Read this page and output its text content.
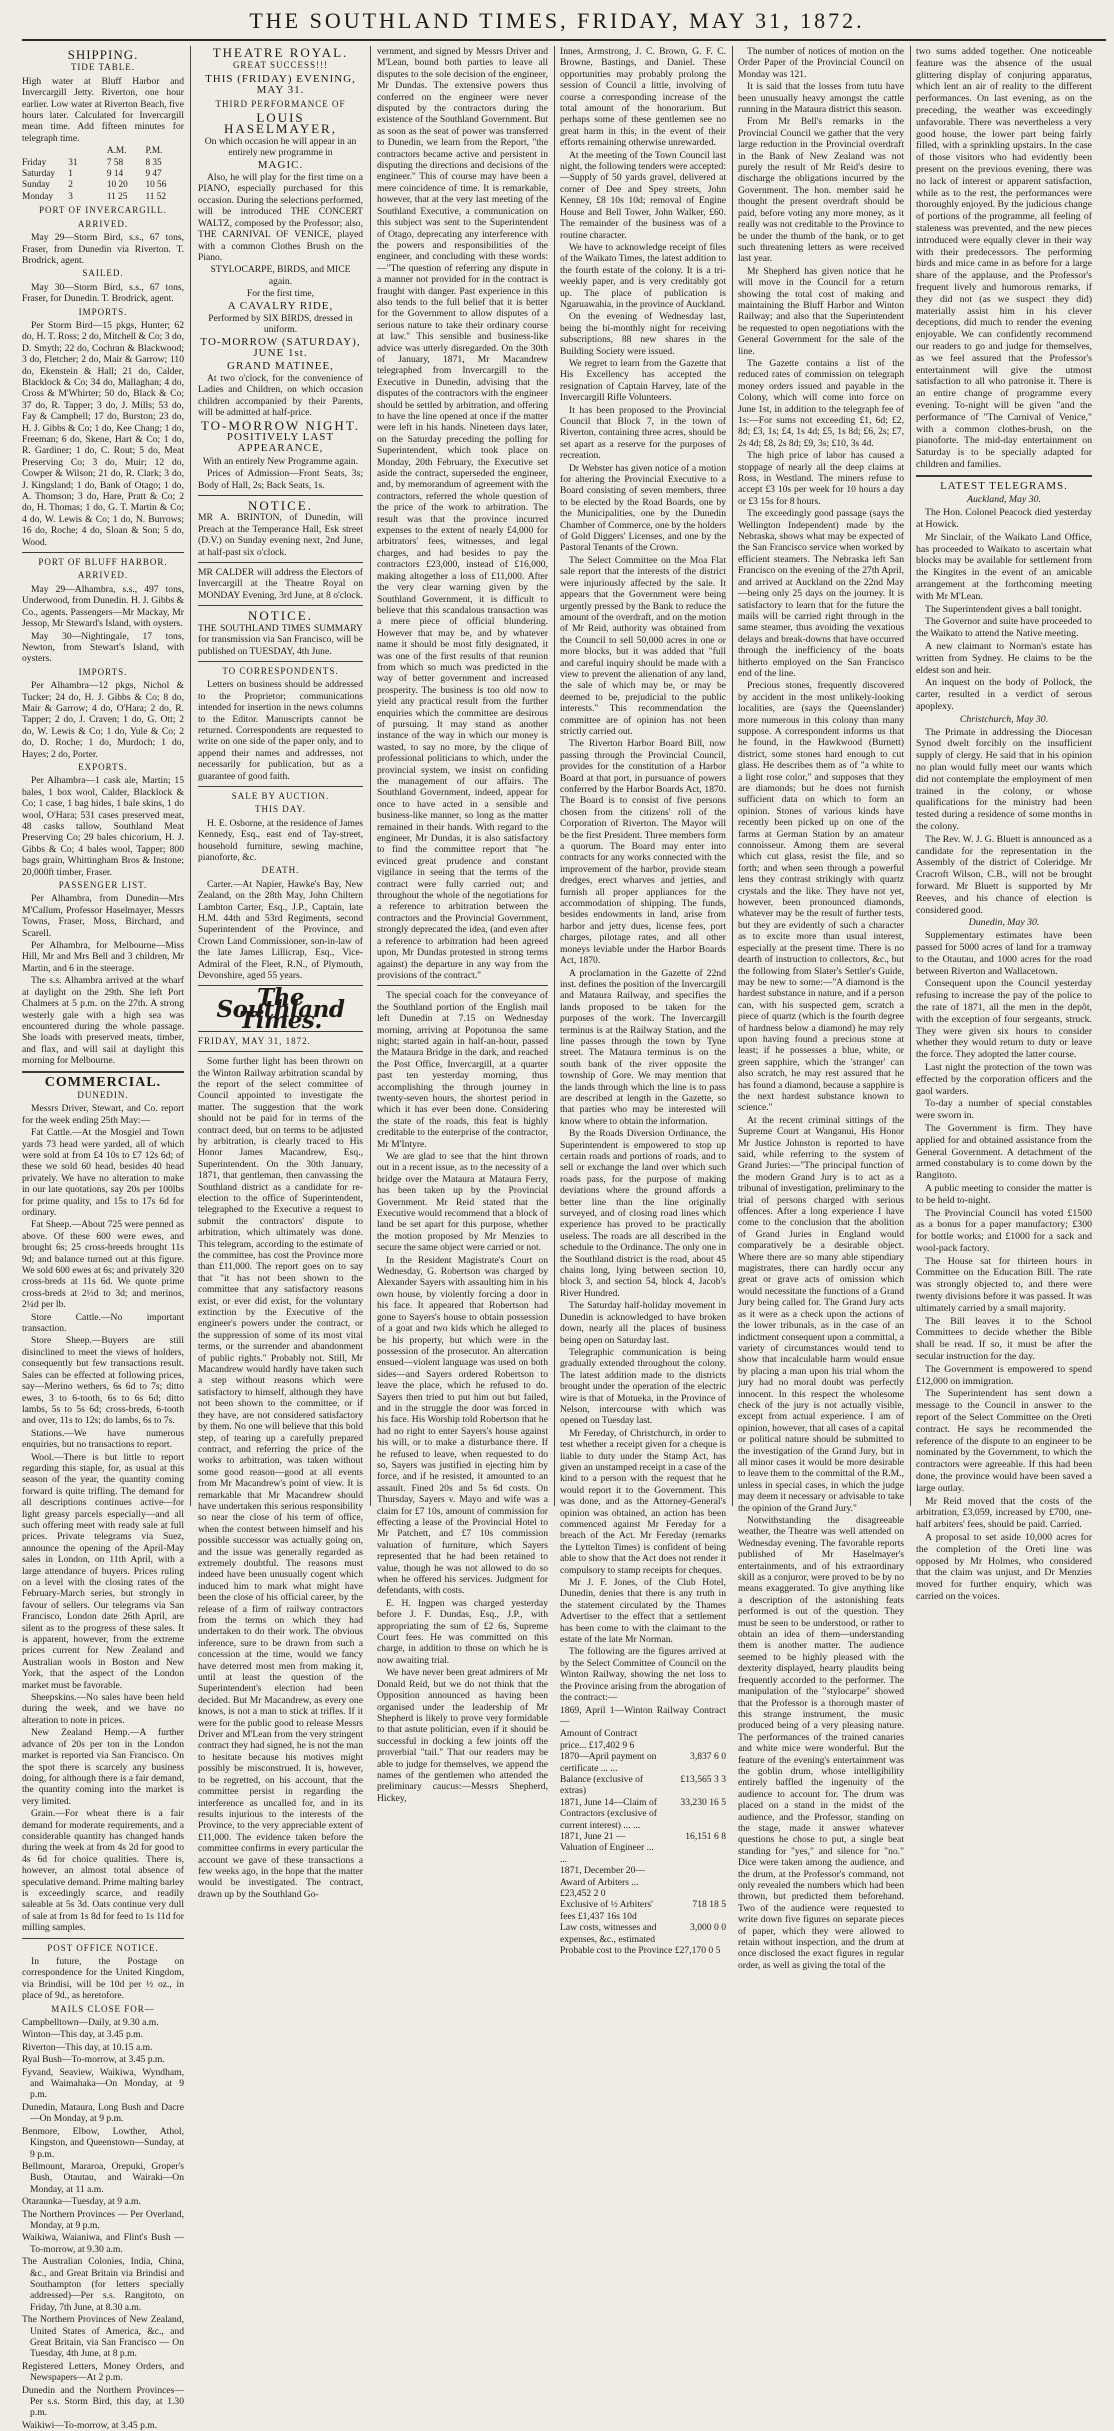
THE SOUTHLAND TIMES, FRIDAY, MAY 31, 1872.
SHIPPING.
TIDE TABLE.

High water at Bluff Harbor and Invercargill Jetty. Riverton, one hour earlier. Low water at Riverton Beach, five hours later. Calculated for Invercargill mean time. Add fifteen minutes for telegraph time.

A.M.	P.M.
Friday	31	7 58	8 35
Saturday	1	9 14	9 47
Sunday	2	10 20	10 56
Monday	3	11 25	11 52
PORT OF INVERCARGILL.
ARRIVED.

May 29—Storm Bird, s.s., 67 tons, Fraser, from Dunedin via Riverton. T. Brodrick, agent.

SAILED.

May 30—Storm Bird, s.s., 67 tons, Fraser, for Dunedin. T. Brodrick, agent.

IMPORTS.

Per Storm Bird—15 pkgs, Hunter; 62 do, H. T. Ross; 2 do, Mitchell & Co; 3 do, D. Smyth; 22 do, Cochran & Blackwood; 3 do, Fletcher; 2 do, Mair & Garrow; 110 do, Ekenstein & Hall; 21 do, Calder, Blacklock & Co; 34 do, Mallaghan; 4 do, Cross & M'Whirter; 50 do, Black & Co; 37 do, R. Tapper; 3 do, J. Mills; 53 do, Fay & Campbell; 17 do, Burston; 23 do, H. J. Gibbs & Co; 1 do, Kee Chang; 1 do, Freeman; 6 do, Skene, Hart & Co; 1 do, R. Gardiner; 1 do, C. Rout; 5 do, Meat Preserving Co; 3 do, Muir; 12 do, Cowper & Wilson; 21 do, R. Clark; 3 do, J. Kingsland; 1 do, Bank of Otago; 1 do, A. Thomson; 3 do, Hare, Pratt & Co; 2 do, H. Thomas; 1 do, G. T. Martin & Co; 4 do, W. Lewis & Co; 1 do, N. Burrows; 16 do, Roche; 4 do, Sloan & Son; 5 do, Wood.

PORT OF BLUFF HARBOR.
ARRIVED.

May 29—Alhambra, s.s., 497 tons, Underwood, from Dunedin. H. J. Gibbs & Co., agents. Passengers—Mr Mackay, Mr Jessop, Mr Steward's Island, with oysters.

May 30—Nightingale, 17 tons, Newton, from Stewart's Island, with oysters.

IMPORTS.

Per Alhambra—12 pkgs, Nichol & Tucker; 24 do, H. J. Gibbs & Co; 8 do, Mair & Garrow; 4 do, O'Hara; 2 do, R. Tapper; 2 do, J. Craven; 1 do, G. Ott; 2 do, W. Lewis & Co; 1 do, Yule & Co; 2 do, D. Roche; 1 do, Murdoch; 1 do, Hayes; 2 do, Porter.

EXPORTS.

Per Alhambra—1 cask ale, Martin; 15 bales, 1 box wool, Calder, Blacklock & Co; 1 case, 1 bag hides, 1 bale skins, 1 do wool, O'Hara; 531 cases preserved meat, 48 casks tallow, Southland Meat Preserving Co; 29 bales chicorium, H. J. Gibbs & Co; 4 bales wool, Tapper; 800 bags grain, Whittingham Bros & Instone; 20,000ft timber, Fraser.

PASSENGER LIST.

Per Alhambra, from Dunedin—Mrs M'Callum, Professor Haselmayer, Messrs Towns, Fraser, Moss, Birchard, and Scarell.

Per Alhambra, for Melbourne—Miss Hill, Mr and Mrs Bell and 3 children, Mr Martin, and 6 in the steerage.

The s.s. Alhambra arrived at the wharf at daylight on the 29th. She left Port Chalmers at 5 p.m. on the 27th. A strong westerly gale with a high sea was encountered during the whole passage. She loads with preserved meats, timber, and flax, and will sail at daylight this morning for Melbourne.

COMMERCIAL.
DUNEDIN.

Messrs Driver, Stewart, and Co. report for the week ending 25th May:—

Fat Cattle.—At the Mosgiel and Town yards 73 head were yarded, all of which were sold at from £4 10s to £7 12s 6d; of these we sold 60 head, besides 40 head privately. We have no alteration to make in our late quotations, say 20s per 100lbs for prime quality, and 15s to 17s 6d for ordinary.

Fat Sheep.—About 725 were penned as above. Of these 600 were ewes, and brought 6s; 25 cross-breeds brought 11s 9d; and balance turned out at this figure. We sold 600 ewes at 6s; and privately 320 cross-breds at 11s 6d. We quote prime cross-breds at 2½d to 3d; and merinos, 2¼d per lb.

Store Cattle.—No important transaction.

Store Sheep.—Buyers are still disinclined to meet the views of holders, consequently but few transactions result. Sales can be effected at following prices, say—Merino wethers, 6s 6d to 7s; ditto ewes, 3 to 6-tooth, 6s to 6s 6d; ditto lambs, 5s to 5s 6d; cross-breds, 6-tooth and over, 11s to 12s; do lambs, 6s to 7s.

Stations.—We have numerous enquiries, but no transactions to report.

Wool.—There is but little to report regarding this staple, for, as usual at this season of the year, the quantity coming forward is quite trifling. The demand for all descriptions continues active—for light greasy parcels especially—and all such offering meet with ready sale at full prices. Private telegrams via Suez, announce the opening of the April-May sales in London, on 11th April, with a large attendance of buyers. Prices ruling on a level with the closing rates of the February-March series, but strongly in favour of sellers. Our telegrams via San Francisco, London date 26th April, are silent as to the progress of these sales. It is apparent, however, from the extreme prices current for New Zealand and Australian wools in Boston and New York, that the aspect of the London market must be favorable.

Sheepskins.—No sales have been held during the week, and we have no alteration to note in prices.

New Zealand Hemp.—A further advance of 20s per ton in the London market is reported via San Francisco. On the spot there is scarcely any business doing, for although there is a fair demand, the quantity coming into the market is very limited.

Grain.—For wheat there is a fair demand for moderate requirements, and a considerable quantity has changed hands during the week at from 4s 2d for good to 4s 6d for choice qualities. There is, however, an almost total absence of speculative demand. Prime malting barley is exceedingly scarce, and readily saleable at 5s 3d. Oats continue very dull of sale at from 1s 8d for feed to 1s 11d for milling samples.

POST OFFICE NOTICE.

In future, the Postage on correspondence for the United Kingdom, via Brindisi, will be 10d per ½ oz., in place of 9d., as heretofore.

MAILS CLOSE FOR—

Campbelltown—Daily, at 9.30 a.m.

Winton—This day, at 3.45 p.m.

Riverton—This day, at 10.15 a.m.

Ryal Bush—To-morrow, at 3.45 p.m.

Fyvand, Seaview, Waikiwa, Wyndham, and Waimahaka—On Monday, at 9 p.m.

Dunedin, Mataura, Long Bush and Dacre—On Monday, at 9 p.m.

Benmore, Elbow, Lowther, Athol, Kingston, and Queenstown—Sunday, at 9 p.m.

Bellmount, Mararoa, Orepuki, Groper's Bush, Otautau, and Wairaki—On Monday, at 11 a.m.

Otaraunka—Tuesday, at 9 a.m.

The Northern Provinces — Per Overland, Monday, at 9 p.m.

Waikiwa, Waianiwa, and Flint's Bush — To-morrow, at 9.30 a.m.

The Australian Colonies, India, China, &c., and Great Britain via Brindisi and Southampton (for letters specially addressed)—Per s.s. Rangitoto, on Friday, 7th June, at 8.30 a.m.

The Northern Provinces of New Zealand, United States of America, &c., and Great Britain, via San Francisco — On Tuesday, 4th June, at 8 p.m.

Registered Letters, Money Orders, and Newspapers—At 2 p.m.

Dunedin and the Northern Provinces—Per s.s. Storm Bird, this day, at 1.30 p.m.

Waikiwi—To-morrow, at 3.45 p.m.

THEATRE ROYAL.
GREAT SUCCESS!!!
THIS (FRIDAY) EVENING, MAY 31.
THIRD PERFORMANCE OF
LOUIS HASELMAYER,

On which occasion he will appear in an entirely new programme in

MAGIC.

Also, he will play for the first time on a PIANO, especially purchased for this occasion. During the selections performed, will be introduced THE CONCERT WALTZ, composed by the Professor; also, THE CARNIVAL OF VENICE, played with a common Clothes Brush on the Piano.

STYLOCARPE, BIRDS, and MICE again.

For the first time,

A CAVALRY RIDE,

Performed by SIX BIRDS, dressed in uniform.

TO-MORROW (SATURDAY), JUNE 1st.
GRAND MATINEE,

At two o'clock, for the convenience of Ladies and Children, on which occasion children accompanied by their Parents, will be admitted at half-price.

TO-MORROW NIGHT.
POSITIVELY LAST APPEARANCE,

With an entirely New Programme again.

Prices of Admission—Front Seats, 3s; Body of Hall, 2s; Back Seats, 1s.

NOTICE.

MR A. BRINTON, of Dunedin, will Preach at the Temperance Hall, Esk street (D.V.) on Sunday evening next, 2nd June, at half-past six o'clock.

MR CALDER will address the Electors of Invercargill at the Theatre Royal on MONDAY Evening, 3rd June, at 8 o'clock.

NOTICE.

THE SOUTHLAND TIMES SUMMARY for transmission via San Francisco, will be published on TUESDAY, 4th June.

TO CORRESPONDENTS.

Letters on business should be addressed to the Proprietor; communications intended for insertion in the news columns to the Editor. Manuscripts cannot be returned. Correspondents are requested to write on one side of the paper only, and to append their names and addresses, not necessarily for publication, but as a guarantee of good faith.

SALE BY AUCTION.
THIS DAY.

H. E. Osborne, at the residence of James Kennedy, Esq., east end of Tay-street, household furniture, sewing machine, pianoforte, &c.

DEATH.

Carter.—At Napier, Hawke's Bay, New Zealand, on the 28th May, John Chiltern Lambton Carter, Esq., J.P., Captain, late H.M. 44th and 53rd Regiments, second Superintendent of the Province, and Crown Land Commissioner, son-in-law of the late James Lillicrap, Esq., Vice-Admiral of the Fleet, R.N., of Plymouth, Devonshire, aged 55 years.

The Southland Times.
FRIDAY, MAY 31, 1872.

Some further light has been thrown on the Winton Railway arbitration scandal by the report of the select committee of Council appointed to investigate the matter. The suggestion that the work should not be paid for in terms of the contract deed, but on terms to be adjusted by arbitration, is clearly traced to His Honor James Macandrew, Esq., Superintendent. On the 30th January, 1871, that gentleman, then canvassing the Southland district as a candidate for re-election to the office of Superintendent, telegraphed to the Executive a request to submit the contractors' dispute to arbitration, which ultimately was done. This telegram, according to the estimate of the committee, has cost the Province more than £11,000. The report goes on to say that "it has not been shown to the committee that any satisfactory reasons exist, or ever did exist, for the voluntary extinction by the Executive of the engineer's powers under the contract, or the suppression of some of its most vital terms, or the surrender and abandonment of public rights." Probably not. Still, Mr Macandrew would hardly have taken such a step without reasons which were satisfactory to himself, although they have not been shown to the committee, or if they have, are not considered satisfactory by them. No one will believe that this bold step, of tearing up a carefully prepared contract, and referring the price of the works to arbitration, was taken without some good reason—good at all events from Mr Macandrew's point of view. It is remarkable that Mr Macandrew should have undertaken this serious responsibility so near the close of his term of office, when the contest between himself and his possible successor was actually going on, and the issue was generally regarded as extremely doubtful. The reasons must indeed have been unusually cogent which induced him to mark what might have been the close of his official career, by the release of a firm of railway contractors from the terms on which they had undertaken to do their work. The obvious inference, sure to be drawn from such a concession at the time, would we fancy have deterred most men from making it, until at least the question of the Superintendent's election had been decided. But Mr Macandrew, as every one knows, is not a man to stick at trifles. If it were for the public good to release Messrs Driver and M'Lean from the very stringent contract they had signed, he is not the man to hesitate because his motives might possibly be misconstrued. It is, however, to be regretted, on his account, that the committee persist in regarding the interference as uncalled for, and in its results injurious to the interests of the Province, to the very appreciable extent of £11,000. The evidence taken before the committee confirms in every particular the account we gave of these transactions a few weeks ago, in the hope that the matter would be investigated. The contract, drawn up by the Southland Go-

vernment, and signed by Messrs Driver and M'Lean, bound both parties to leave all disputes to the sole decision of the engineer, Mr Dundas. The extensive powers thus conferred on the engineer were never disputed by the contractors during the existence of the Southland Government. But as soon as the seat of power was transferred to Dunedin, we learn from the Report, "the contractors became active and persistent in disputing the directions and decisions of the engineer." This of course may have been a mere coincidence of time. It is remarkable, however, that at the very last meeting of the Southland Executive, a communication on this subject was sent to the Superintendent of Otago, deprecating any interference with the powers and responsibilities of the engineer, and concluding with these words:—"The question of referring any dispute in a manner not provided for in the contract is fraught with danger. Past experience in this also tends to the full belief that it is better for the Government to allow disputes of a serious nature to take their ordinary course at law." This sensible and business-like advice was utterly disregarded. On the 30th of January, 1871, Mr Macandrew telegraphed from Invercargill to the Executive in Dunedin, advising that the disputes of the contractors with the engineer should be settled by arbitration, and offering to have the line opened at once if the matter were left in his hands. Nineteen days later, on the Saturday preceding the polling for Superintendent, which took place on Monday, 20th February, the Executive set aside the contract, superseded the engineer, and, by memorandum of agreement with the contractors, referred the whole question of the price of the work to arbitration. The result was that the province incurred expenses to the extent of nearly £4,000 for arbitrators' fees, witnesses, and legal charges, and had besides to pay the contractors £23,000, instead of £16,000, making altogether a loss of £11,000. After the very clear warning given by the Southland Government, it is difficult to believe that this scandalous transaction was a mere piece of official blundering. However that may be, and by whatever name it should be most fitly designated, it was one of the first results of that reunion from which so much was predicted in the way of better government and increased prosperity. The business is too old now to yield any practical result from the further enquiries which the committee are desirous of pursuing. It may stand as another instance of the way in which our money is wasted, to say no more, by the clique of professional politicians to which, under the provincial system, we insist on confiding the management of our affairs. The Southland Government, indeed, appear for once to have acted in a sensible and business-like manner, so long as the matter remained in their hands. With regard to the engineer, Mr Dundas, it is also satisfactory to find the committee report that "he evinced great prudence and constant vigilance in seeing that the terms of the contract were fully carried out; and throughout the whole of the negotiations for a reference to arbitration between the contractors and the Provincial Government, strongly deprecated the idea, (and even after a reference to arbitration had been agreed upon, Mr Dundas protested in strong terms against) the departure in any way from the provisions of the contract."

The special coach for the conveyance of the Southland portion of the English mail left Dunedin at 7.15 on Wednesday morning, arriving at Popotunoa the same night; started again in half-an-hour, passed the Mataura Bridge in the dark, and reached the Post Office, Invercargill, at a quarter past ten yesterday morning, thus accomplishing the through journey in twenty-seven hours, the shortest period in which it has ever been done. Considering the state of the roads, this feat is highly creditable to the enterprise of the contractor, Mr M'Intyre.

We are glad to see that the hint thrown out in a recent issue, as to the necessity of a bridge over the Mataura at Mataura Ferry, has been taken up by the Provincial Government. Mr Reid stated that the Executive would recommend that a block of land be set apart for this purpose, whether the motion proposed by Mr Menzies to secure the same object were carried or not.

In the Resident Magistrate's Court on Wednesday, G. Robertson was charged by Alexander Sayers with assaulting him in his own house, by violently forcing a door in his face. It appeared that Robertson had gone to Sayers's house to obtain possession of a goat and two kids which he alleged to be his property, but which were in the possession of the prosecutor. An altercation ensued—violent language was used on both sides—and Sayers ordered Robertson to leave the place, which he refused to do. Sayers then tried to put him out but failed, and in the struggle the door was forced in his face. His Worship told Robertson that he had no right to enter Sayers's house against his will, or to make a disturbance there. If he refused to leave, when requested to do so, Sayers was justified in ejecting him by force, and if he resisted, it amounted to an assault. Fined 20s and 5s 6d costs. On Thursday, Sayers v. Mayo and wife was a claim for £7 10s, amount of commission for effecting a lease of the Provincial Hotel to Mr Patchett, and £7 10s commission valuation of furniture, which Sayers represented that he had been retained to value, though he was not allowed to do so when he offered his services. Judgment for defendants, with costs.

E. H. Ingpen was charged yesterday before J. F. Dundas, Esq., J.P., with appropriating the sum of £2 6s, Supreme Court fees. He was committed on this charge, in addition to those on which he is now awaiting trial.

We have never been great admirers of Mr Donald Reid, but we do not think that the Opposition announced as having been organised under the leadership of Mr Shepherd is likely to prove very formidable to that astute politician, even if it should be successful in docking a few joints off the proverbial "tail." That our readers may be able to judge for themselves, we append the names of the gentlemen who attended the preliminary caucus:—Messrs Shepherd, Hickey,

Innes, Armstrong, J. C. Brown, G. F. C. Browne, Bastings, and Daniel. These opportunities may probably prolong the session of Council a little, involving of course a corresponding increase of the total amount of the honorarium. But perhaps some of these gentlemen see no great harm in this, in the event of their efforts remaining otherwise unrewarded.

At the meeting of the Town Council last night, the following tenders were accepted:—Supply of 50 yards gravel, delivered at corner of Dee and Spey streets, John Kenney, £8 10s 10d; removal of Engine House and Bell Tower, John Walker, £60. The remainder of the business was of a routine character.

We have to acknowledge receipt of files of the Waikato Times, the latest addition to the fourth estate of the colony. It is a tri-weekly paper, and is very creditably got up. The place of publication is Ngaruawahia, in the province of Auckland.

On the evening of Wednesday last, being the bi-monthly night for receiving subscriptions, 88 new shares in the Building Society were issued.

We regret to learn from the Gazette that His Excellency has accepted the resignation of Captain Harvey, late of the Invercargill Rifle Volunteers.

It has been proposed to the Provincial Council that Block 7, in the town of Riverton, containing three acres, should be set apart as a reserve for the purposes of recreation.

Dr Webster has given notice of a motion for altering the Provincial Executive to a Board consisting of seven members, three to be elected by the Road Boards, one by the Municipalities, one by the Dunedin Chamber of Commerce, one by the holders of Gold Diggers' Licenses, and one by the Pastoral Tenants of the Crown.

The Select Committee on the Moa Flat sale report that the interests of the district were injuriously affected by the sale. It appears that the Government were being urgently pressed by the Bank to reduce the amount of the overdraft, and on the motion of Mr Reid, authority was obtained from the Council to sell 50,000 acres in one or more blocks, but it was added that "full and careful inquiry should be made with a view to prevent the alienation of any land, the sale of which may be, or may be deemed to be, prejudicial to the public interests." This recommendation the committee are of opinion has not been strictly carried out.

The Riverton Harbor Board Bill, now passing through the Provincial Council, provides for the constitution of a Harbor Board at that port, in pursuance of powers conferred by the Harbor Boards Act, 1870. The Board is to consist of five persons chosen from the citizens' roll of the Corporation of Riverton. The Mayor will be the first President. Three members form a quorum. The Board may enter into contracts for any works connected with the improvement of the harbor, provide steam dredges, erect wharves and jetties, and furnish all proper appliances for the accommodation of shipping. The funds, besides endowments in land, arise from harbor and jetty dues, license fees, port charges, pilotage rates, and all other moneys leviable under the Harbor Boards Act, 1870.

A proclamation in the Gazette of 22nd inst. defines the position of the Invercargill and Mataura Railway, and specifies the lands proposed to be taken for the purposes of the work. The Invercargill terminus is at the Railway Station, and the line passes through the town by Tyne street. The Mataura terminus is on the south bank of the river opposite the township of Gore. We may mention that the lands through which the line is to pass are described at length in the Gazette, so that parties who may be interested will know where to obtain the information.

By the Roads Diversion Ordinance, the Superintendent is empowered to stop up certain roads and portions of roads, and to sell or exchange the land over which such roads pass, for the purpose of making deviations where the ground affords a better line than the line originally surveyed, and of closing road lines which experience has proved to be practically useless. The roads are all described in the schedule to the Ordinance. The only one in the Southland district is the road, about 45 chains long, lying between section 10, block 3, and section 54, block 4, Jacob's River Hundred.

The Saturday half-holiday movement in Dunedin is acknowledged to have broken down, nearly all the places of business being open on Saturday last.

Telegraphic communication is being gradually extended throughout the colony. The latest addition made to the districts brought under the operation of the electric wire is that of Motueka, in the Province of Nelson, intercourse with which was opened on Tuesday last.

Mr Fereday, of Christchurch, in order to test whether a receipt given for a cheque is liable to duty under the Stamp Act, has given an unstamped receipt in a case of the kind to a person with the request that he would report it to the Government. This was done, and as the Attorney-General's opinion was obtained, an action has been commenced against Mr Fereday for a breach of the Act. Mr Fereday (remarks the Lyttelton Times) is confident of being able to show that the Act does not render it compulsory to stamp receipts for cheques.

Mr J. F. Jones, of the Club Hotel, Dunedin, denies that there is any truth in the statement circulated by the Thames Advertiser to the effect that a settlement has been come to with the claimant to the estate of the late Mr Norman.

The following are the figures arrived at by the Select Committee of Council on the Winton Railway, showing the net loss to the Province arising from the abrogation of the contract:—

1869, April 1—Winton Railway Contract—

Amount of Contract price... £17,402 9 6
1870—April payment on certificate ... ...
3,837 6 0
Balance (exclusive of extras)
£13,565 3 3
1871, June 14—Claim of Contractors (exclusive of current interest) ... ...
33,230 16 5
1871, June 21 — Valuation of Engineer ... ...
16,151 6 8
1871, December 20—Award of Arbiters ... £23,452 2 0
Exclusive of ½ Arbiters' fees £1,437 16s 10d
718 18 5
Law costs, witnesses and expenses, &c., estimated
3,000 0 0

Probable cost to the Province £27,170 0 5

The number of notices of motion on the Order Paper of the Provincial Council on Monday was 121.

It is said that the losses from tutu have been unusually heavy amongst the cattle running in the Mataura district this season.

From Mr Bell's remarks in the Provincial Council we gather that the very large reduction in the Provincial overdraft in the Bank of New Zealand was not purely the result of Mr Reid's desire to discharge the obligations incurred by the Government. The hon. member said he thought the present overdraft should be paid, before voting any more money, as it really was not creditable to the Province to be under the thumb of the bank, or to get such threatening letters as were received last year.

Mr Shepherd has given notice that he will move in the Council for a return showing the total cost of making and maintaining the Bluff Harbor and Winton Railway; and also that the Superintendent be requested to open negotiations with the General Government for the sale of the line.

The Gazette contains a list of the reduced rates of commission on telegraph money orders issued and payable in the Colony, which will come into force on June 1st, in addition to the telegraph fee of 1s:—For sums not exceeding £1, 6d; £2, 8d; £3, 1s; £4, 1s 4d; £5, 1s 8d; £6, 2s; £7, 2s 4d; £8, 2s 8d; £9, 3s; £10, 3s 4d.

The high price of labor has caused a stoppage of nearly all the deep claims at Ross, in Westland. The miners refuse to accept £3 10s per week for 10 hours a day or £3 15s for 8 hours.

The exceedingly good passage (says the Wellington Independent) made by the Nebraska, shows what may be expected of the San Francisco service when worked by efficient steamers. The Nebraska left San Francisco on the evening of the 27th April, and arrived at Auckland on the 22nd May—being only 25 days on the journey. It is satisfactory to learn that for the future the mails will be carried right through in the same steamer, thus avoiding the vexatious delays and break-downs that have occurred through the inefficiency of the boats hitherto employed on the San Francisco end of the line.

Precious stones, frequently discovered by accident in the most unlikely-looking localities, are (says the Queenslander) more numerous in this colony than many suppose. A correspondent informs us that he found, in the Hawkwood (Burnett) district, some stones hard enough to cut glass. He describes them as of "a white to a light rose color," and supposes that they are diamonds; but he does not furnish sufficient data on which to form an opinion. Stones of various kinds have recently been picked up on one of the farms at German Station by an amateur connoisseur. Among them are several which cut glass, resist the file, and so forth; and when seen through a powerful lens they contrast strikingly with quartz crystals and the like. They have not yet, however, been pronounced diamonds, whatever may be the result of further tests, but they are evidently of such a character as to excite more than usual interest, especially at the present time. There is no dearth of instruction to collectors, &c., but the following from Slater's Settler's Guide, may be new to some:—"A diamond is the hardest substance in nature, and if a person can, with his suspected gem, scratch a piece of quartz (which is the fourth degree of hardness below a diamond) he may rely upon having found a precious stone at least; if he possesses a blue, white, or green sapphire, which the 'stranger' can also scratch, he may rest assured that he has found a diamond, because a sapphire is the next hardest substance known to science."

At the recent criminal sittings of the Supreme Court at Wanganui, His Honor Mr Justice Johnston is reported to have said, while referring to the system of Grand Juries:—"The principal function of the modern Grand Jury is to act as a tribunal of investigation, preliminary to the trial of persons charged with serious offences. After a long experience I have come to the conclusion that the abolition of Grand Juries in England would comparatively be a desirable object. Where there are so many able stipendiary magistrates, there can hardly occur any great or grave acts of omission which would necessitate the functions of a Grand Jury being called for. The Grand Jury acts as it were as a check upon the actions of the lower tribunals, as in the case of an indictment consequent upon a committal, a variety of circumstances would tend to show that incalculable harm would ensue by placing a man upon his trial whom the jury had no moral doubt was perfectly innocent. In this respect the wholesome check of the jury is not actually visible, except from actual experience. I am of opinion, however, that all cases of a capital or political nature should be submitted to the investigation of the Grand Jury, but in all minor cases it would be more desirable to leave them to the committal of the R.M., unless in special cases, in which the judge may deem it necessary or advisable to take the opinion of the Grand Jury."

Notwithstanding the disagreeable weather, the Theatre was well attended on Wednesday evening. The favorable reports published of Mr Haselmayer's entertainments, and of his extraordinary skill as a conjuror, were proved to be by no means exaggerated. To give anything like a description of the astonishing feats performed is out of the question. They must be seen to be understood, or rather to obtain an idea of them—understanding them is another matter. The audience seemed to be highly pleased with the dexterity displayed, hearty plaudits being frequently accorded to the performer. The manipulation of the "stylocarpe" showed that the Professor is a thorough master of this strange instrument, the music produced being of a very pleasing nature. The performances of the trained canaries and white mice were wonderful. But the feature of the evening's entertainment was the goblin drum, whose intelligibility entirely baffled the ingenuity of the audience to account for. The drum was placed on a stand in the midst of the audience, and the Professor, standing on the stage, made it answer whatever questions he chose to put, a single beat standing for "yes," and silence for "no." Dice were taken among the audience, and the drum, at the Professor's command, not only revealed the numbers which had been thrown, but predicted them beforehand. Two of the audience were requested to write down five figures on separate pieces of paper, which they were allowed to retain without inspection, and the drum at once disclosed the exact figures in regular order, as well as giving the total of the

two sums added together. One noticeable feature was the absence of the usual glittering display of conjuring apparatus, which lent an air of reality to the different performances. On last evening, as on the preceding, the weather was exceedingly unfavorable. There was nevertheless a very good house, the lower part being fairly filled, with a sprinkling upstairs. In the case of those visitors who had evidently been present on the previous evening, there was no lack of interest or apparent satisfaction, while as to the rest, the performances were thoroughly enjoyed. By the judicious change of portions of the programme, all feeling of staleness was prevented, and the new pieces introduced were equally clever in their way with their predecessors. The performing birds and mice came in as before for a large share of the applause, and the Professor's frequent lively and humorous remarks, if they did not (as we suspect they did) materially assist him in his clever deceptions, did much to render the evening enjoyable. We can confidently recommend our readers to go and judge for themselves, as we feel assured that the Professor's entertainment will give the utmost satisfaction to all who patronise it. There is an entire change of programme every evening. To-night will be given "and the performance of "The Carnival of Venice," with a common clothes-brush, on the pianoforte. The mid-day entertainment on Saturday is to be specially adapted for children and families.

LATEST TELEGRAMS.

Auckland, May 30.

The Hon. Colonel Peacock died yesterday at Howick.

Mr Sinclair, of the Waikato Land Office, has proceeded to Waikato to ascertain what blocks may be available for settlement from the Kingites in the event of an amicable arrangement at the forthcoming meeting with Mr M'Lean.

The Superintendent gives a ball tonight.

The Governor and suite have proceeded to the Waikato to attend the Native meeting.

A new claimant to Norman's estate has written from Sydney. He claims to be the eldest son and heir.

An inquest on the body of Pollock, the carter, resulted in a verdict of serous apoplexy.

Christchurch, May 30.

The Primate in addressing the Diocesan Synod dwelt forcibly on the insufficient supply of clergy. He said that in his opinion no plan would fully meet our wants which did not contemplate the employment of men trained in the colony, or whose qualifications for the ministry had been tested during a residence of some months in the colony.

The Rev. W. J. G. Bluett is announced as a candidate for the representation in the Assembly of the district of Coleridge. Mr Cracroft Wilson, C.B., will not be brought forward. Mr Bluett is supported by Mr Reeves, and his chance of election is considered good.

Dunedin, May 30.

Supplementary estimates have been passed for 5000 acres of land for a tramway to the Otautau, and 1000 acres for the road between Riverton and Wallacetown.

Consequent upon the Council yesterday refusing to increase the pay of the police to the rate of 1871, all the men in the depôt, with the exception of four sergeants, struck. They were given six hours to consider whether they would return to duty or leave the force. They adopted the latter course.

Last night the protection of the town was effected by the corporation officers and the gaol warders.

To-day a number of special constables were sworn in.

The Government is firm. They have applied for and obtained assistance from the General Government. A detachment of the armed constabulary is to come down by the Rangitoto.

A public meeting to consider the matter is to be held to-night.

The Provincial Council has voted £1500 as a bonus for a paper manufactory; £300 for bottle works; and £1000 for a sack and wool-pack factory.

The House sat for thirteen hours in Committee on the Education Bill. The rate was strongly objected to, and there were twenty divisions before it was passed. It was ultimately carried by a small majority.

The Bill leaves it to the School Committees to decide whether the Bible shall be read. If so, it must be after the secular instruction for the day.

The Government is empowered to spend £12,000 on immigration.

The Superintendent has sent down a message to the Council in answer to the report of the Select Committee on the Oreti contract. He says he recommended the reference of the dispute to an engineer to be nominated by the Government, to which the contractors were agreeable. If this had been done, the province would have been saved a large outlay.

Mr Reid moved that the costs of the arbitration, £3,059, increased by £700, one-half arbiters' fees, should be paid. Carried.

A proposal to set aside 10,000 acres for the completion of the Oreti line was opposed by Mr Holmes, who considered that the claim was unjust, and Dr Menzies moved for further enquiry, which was carried on the voices.
